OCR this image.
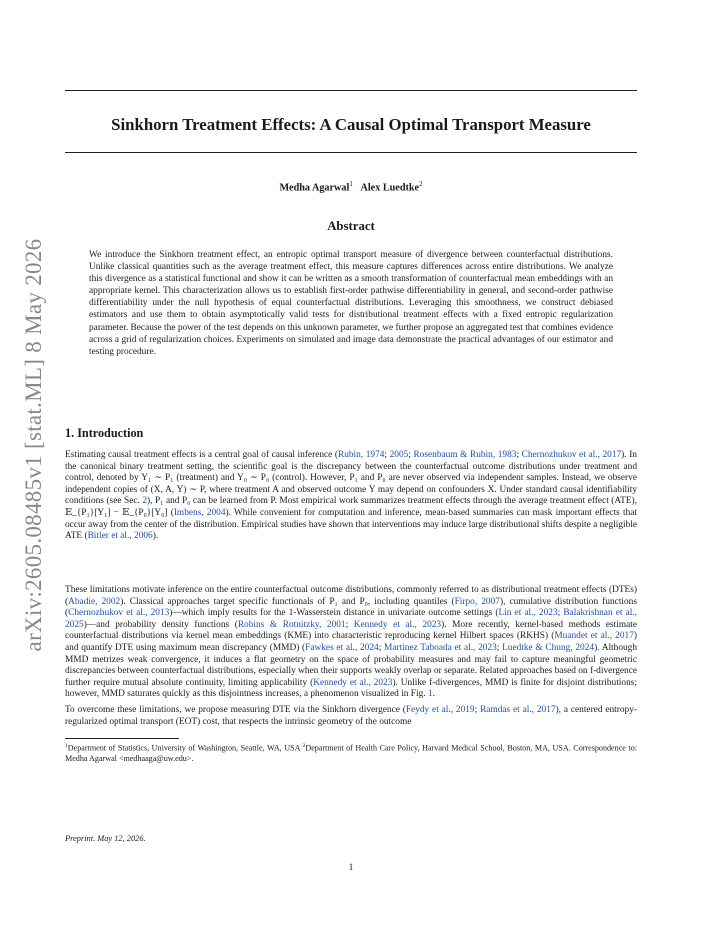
arXiv:2605.08485v1 [stat.ML] 8 May 2026
Sinkhorn Treatment Effects: A Causal Optimal Transport Measure
Medha Agarwal$^1$ Alex Luedtke$^2$
Abstract
We introduce the Sinkhorn treatment effect, an entropic optimal transport measure of divergence between counterfactual distributions. Unlike classical quantities such as the average treatment effect, this measure captures differences across entire distributions. We analyze this divergence as a statistical functional and show it can be written as a smooth transformation of counterfactual mean embeddings with an appropriate kernel. This characterization allows us to establish first-order pathwise differentiability in general, and second-order pathwise differentiability under the null hypothesis of equal counterfactual distributions. Leveraging this smoothness, we construct debiased estimators and use them to obtain asymptotically valid tests for distributional treatment effects with a fixed entropic regularization parameter. Because the power of the test depends on this unknown parameter, we further propose an aggregated test that combines evidence across a grid of regularization choices. Experiments on simulated and image data demonstrate the practical advantages of our estimator and testing procedure.
1. Introduction
Estimating causal treatment effects is a central goal of causal inference (Rubin, 1974; 2005; Rosenbaum & Rubin, 1983; Chernozhukov et al., 2017). In the canonical binary treatment setting, the scientific goal is the discrepancy between the counterfactual outcome distributions under treatment and control, denoted by Y₁ ∼ P₁ (treatment) and Y₀ ∼ P₀ (control). However, P₁ and P₀ are never observed via independent samples. Instead, we observe independent copies of (X, A, Y) ∼ P, where treatment A and observed outcome Y may depend on confounders X. Under standard causal identifiability conditions (see Sec. 2), P₁ and P₀ can be learned from P. Most empirical work summarizes treatment effects through the average treatment effect (ATE), 𝔼_{P₁}[Y₁] − 𝔼_{P₀}[Y₀] (Imbens, 2004). While convenient for computation and inference, mean-based summaries can mask important effects that occur away from the center of the distribution. Empirical studies have shown that interventions may induce large distributional shifts despite a negligible ATE (Bitler et al., 2006).
These limitations motivate inference on the entire counterfactual outcome distributions, commonly referred to as distributional treatment effects (DTEs) (Abadie, 2002). Classical approaches target specific functionals of P₁ and P₀, including quantiles (Firpo, 2007), cumulative distribution functions (Chernozhukov et al., 2013)—which imply results for the 1-Wasserstein distance in univariate outcome settings (Lin et al., 2023; Balakrishnan et al., 2025)—and probability density functions (Robins & Rotnitzky, 2001; Kennedy et al., 2023). More recently, kernel-based methods estimate counterfactual distributions via kernel mean embeddings (KME) into characteristic reproducing kernel Hilbert spaces (RKHS) (Muandet et al., 2017) and quantify DTE using maximum mean discrepancy (MMD) (Fawkes et al., 2024; Martinez Taboada et al., 2023; Luedtke & Chung, 2024). Although MMD metrizes weak convergence, it induces a flat geometry on the space of probability measures and may fail to capture meaningful geometric discrepancies between counterfactual distributions, especially when their supports weakly overlap or separate. Related approaches based on f-divergence further require mutual absolute continuity, limiting applicability (Kennedy et al., 2023). Unlike f-divergences, MMD is finite for disjoint distributions; however, MMD saturates quickly as this disjointness increases, a phenomenon visualized in Fig. 1.
To overcome these limitations, we propose measuring DTE via the Sinkhorn divergence (Feydy et al., 2019; Ramdas et al., 2017), a centered entropy-regularized optimal transport (EOT) cost, that respects the intrinsic geometry of the outcome
$^1$Department of Statistics, University of Washington, Seattle, WA, USA $^2$Department of Health Care Policy, Harvard Medical School, Boston, MA, USA. Correspondence to: Medha Agarwal <medhaaga@uw.edu>.
Preprint. May 12, 2026.
1
